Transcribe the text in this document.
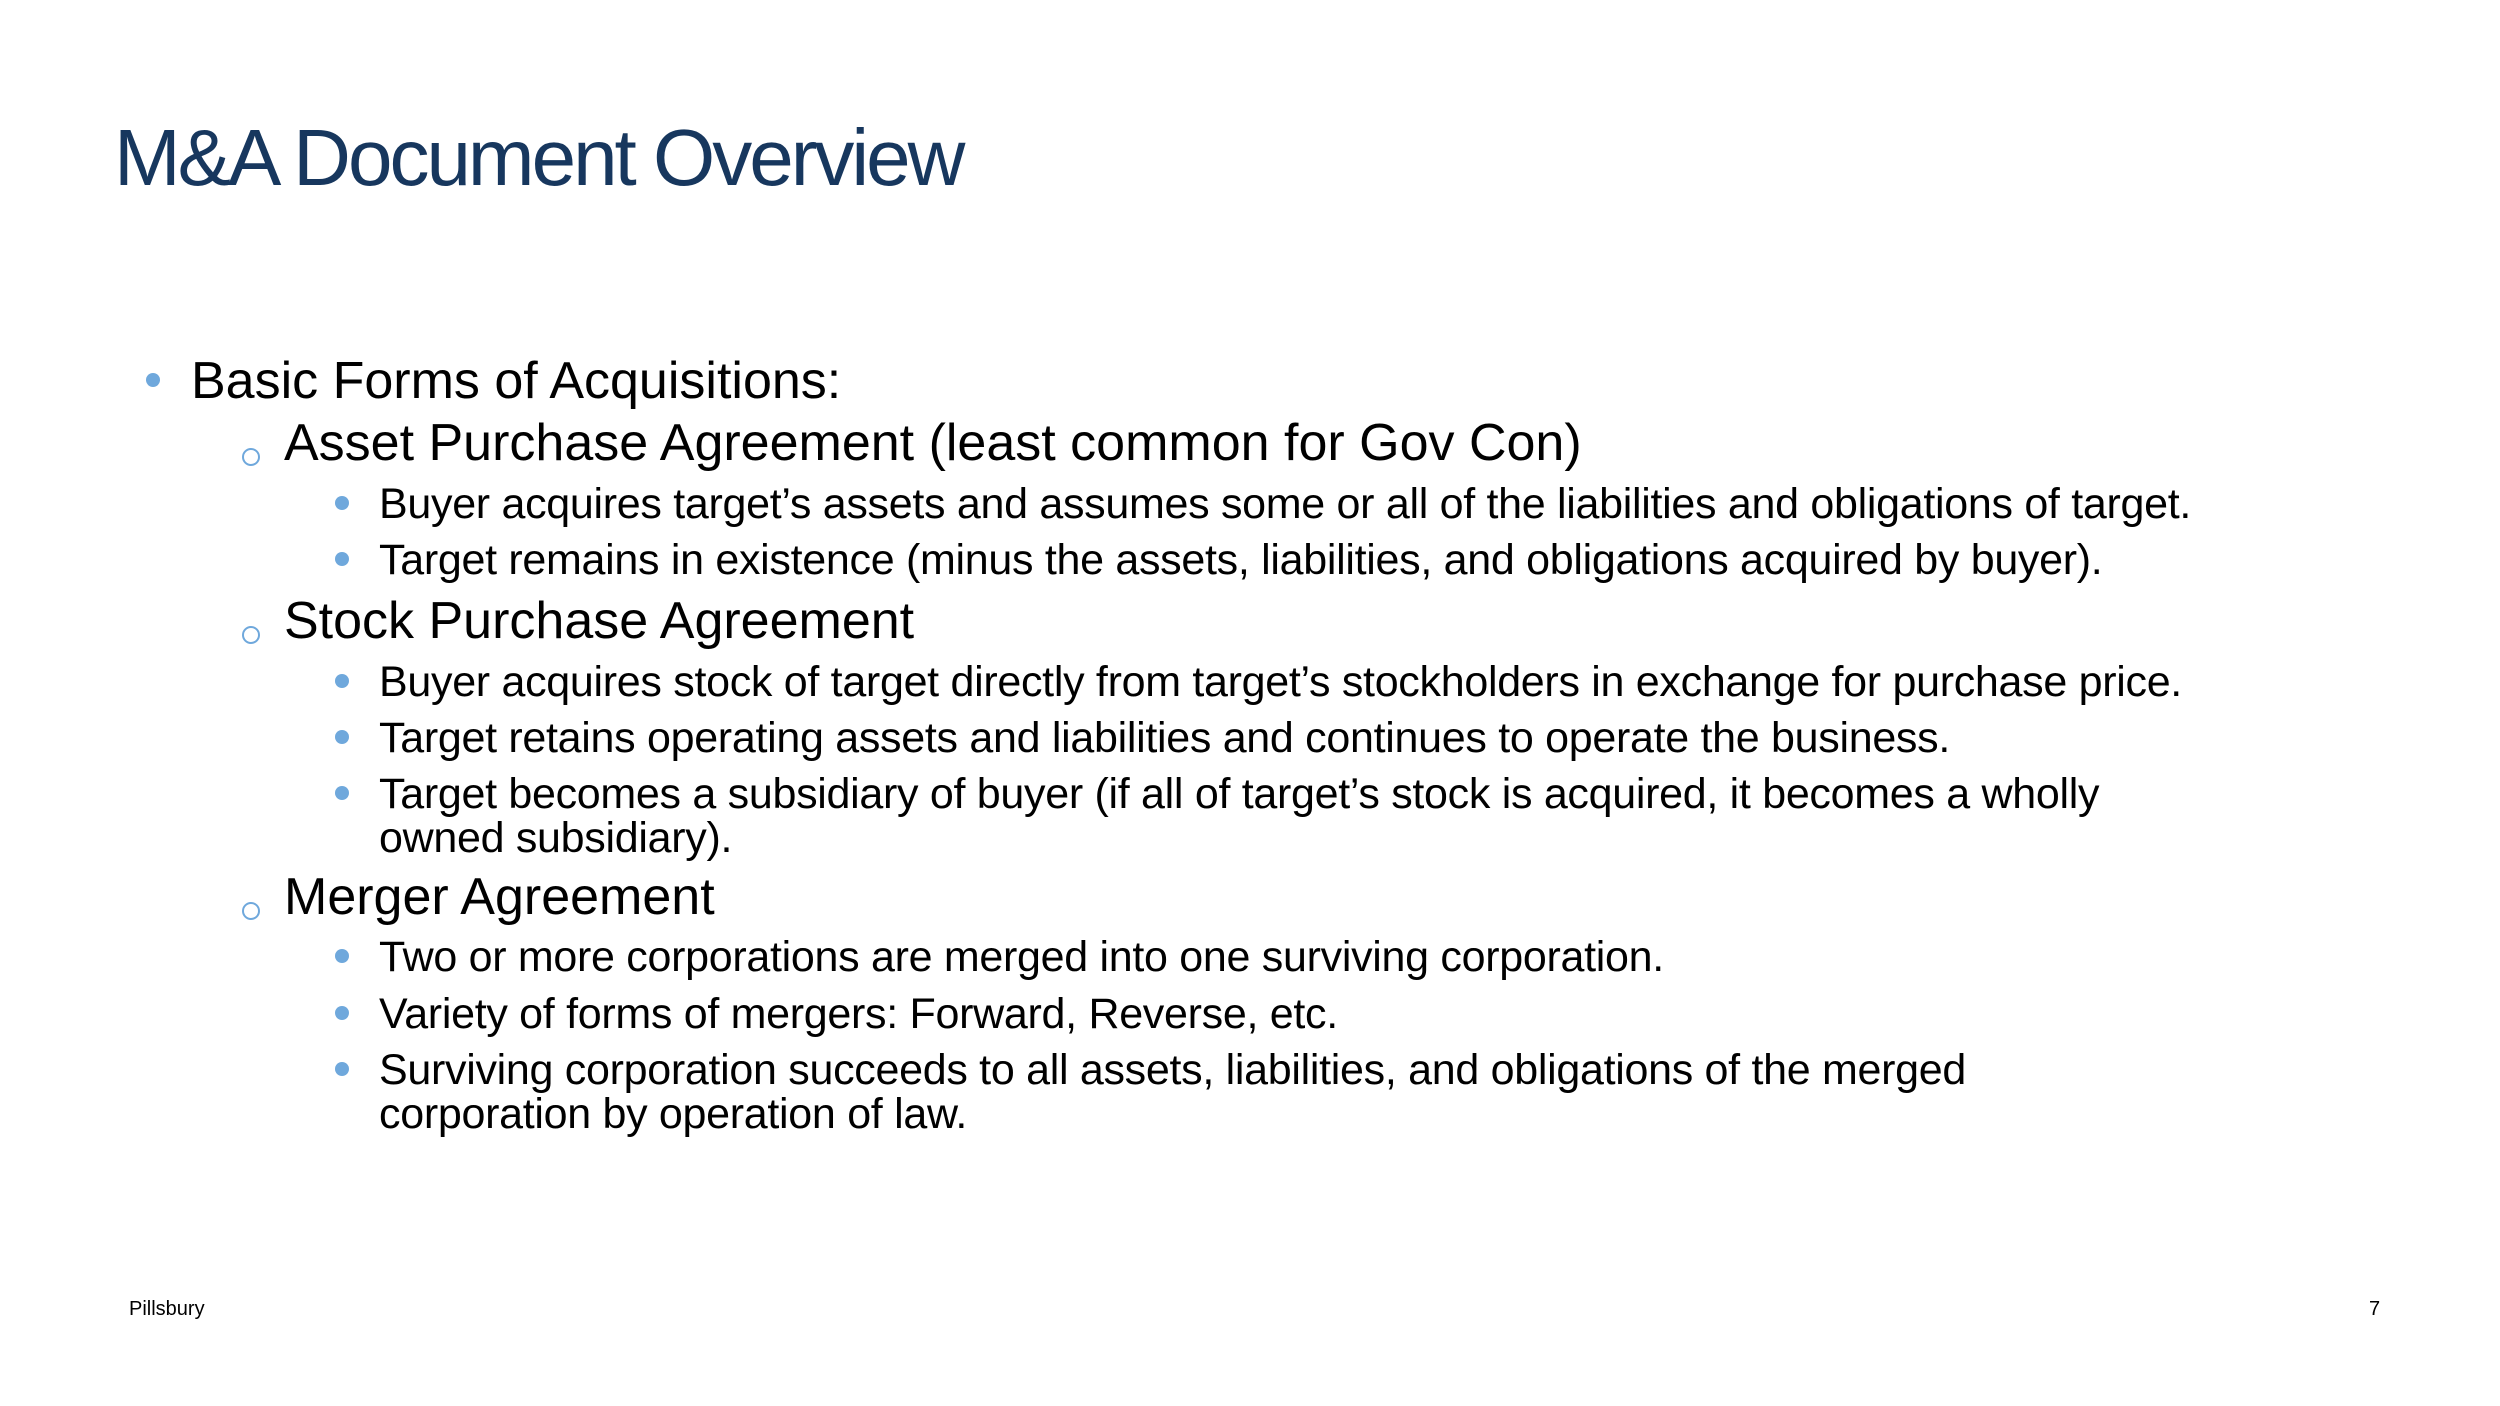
M&A Document Overview
Basic Forms of Acquisitions:
Asset Purchase Agreement (least common for Gov Con)
Buyer acquires target’s assets and assumes some or all of the liabilities and obligations of target.
Target remains in existence (minus the assets, liabilities, and obligations acquired by buyer).
Stock Purchase Agreement
Buyer acquires stock of target directly from target’s stockholders in exchange for purchase price.
Target retains operating assets and liabilities and continues to operate the business.
Target becomes a subsidiary of buyer (if all of target’s stock is acquired, it becomes a wholly
owned subsidiary).
Merger Agreement
Two or more corporations are merged into one surviving corporation.
Variety of forms of mergers: Forward, Reverse, etc.
Surviving corporation succeeds to all assets, liabilities, and obligations of the merged
corporation by operation of law.
Pillsbury	7
